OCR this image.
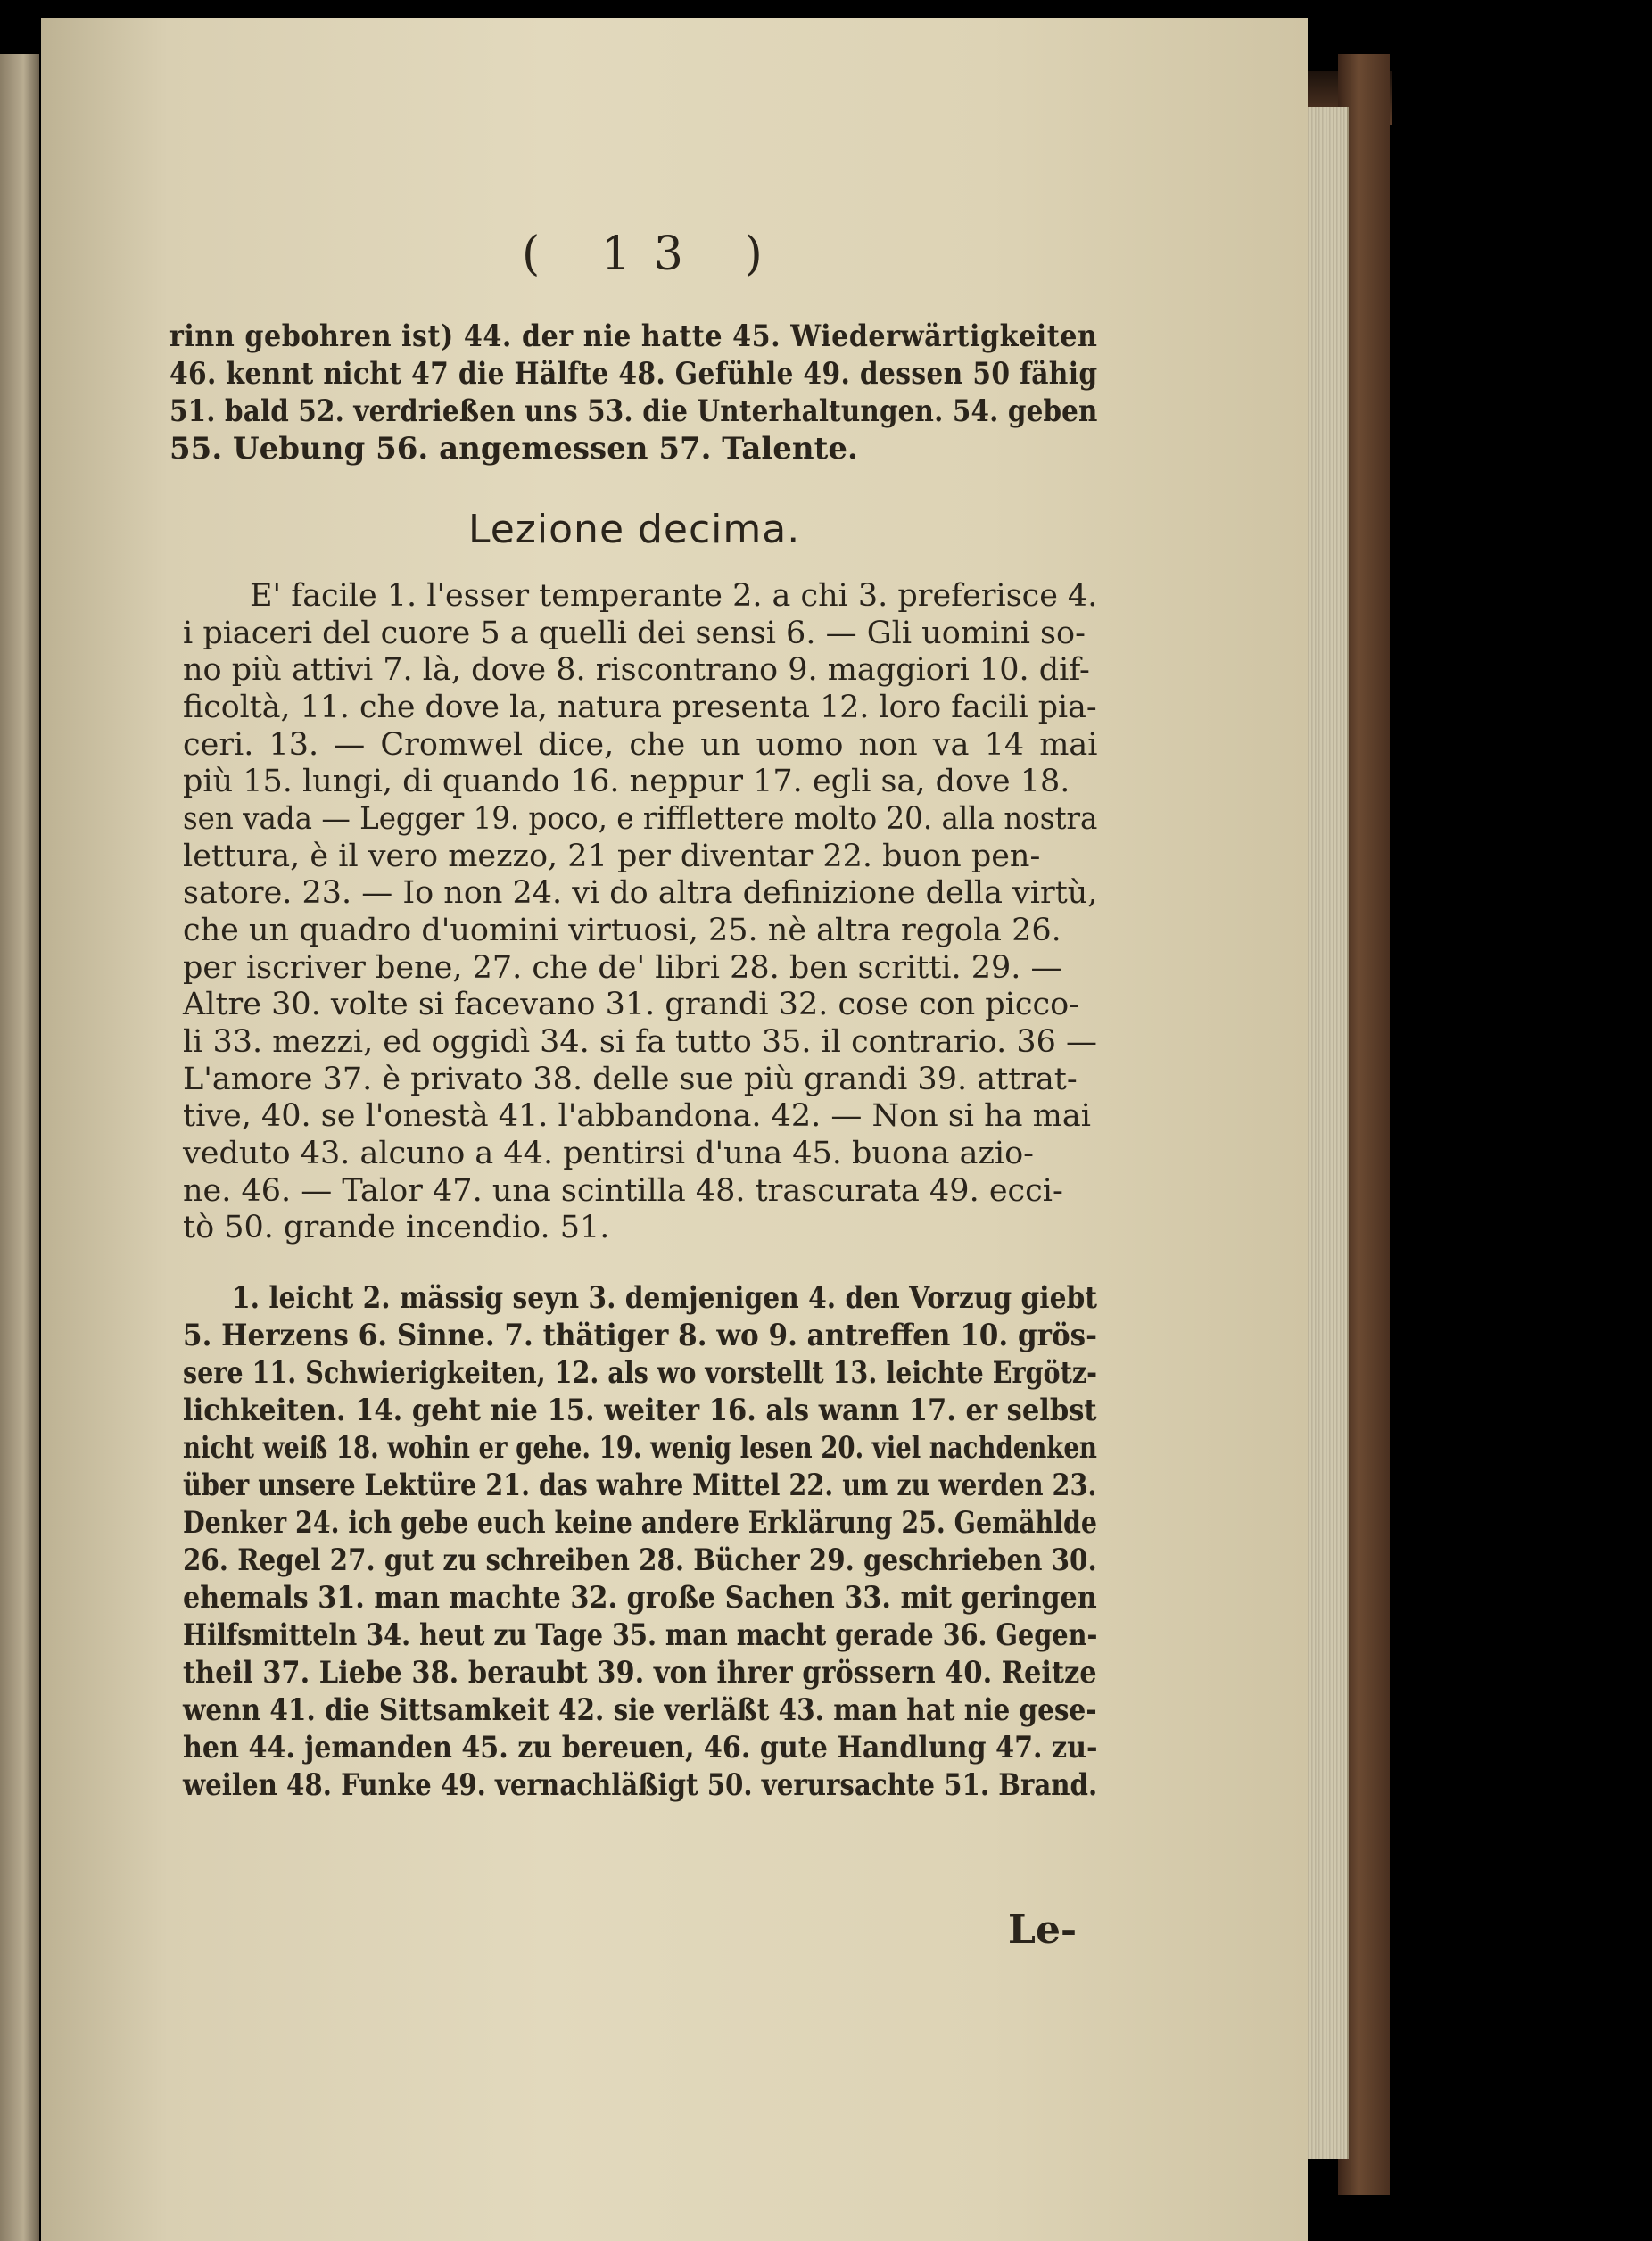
( 13 )
rinn gebohren ist) 44. der nie hatte 45. Wiederwärtigkeiten
46. kennt nicht 47 die Hälfte 48. Gefühle 49. dessen 50 fähig
51. bald 52. verdrießen uns 53. die Unterhaltungen. 54. geben
55. Uebung 56. angemessen 57. Talente.
Lezione decima.
E' facile 1. l'esser temperante 2. a chi 3. preferisce 4.
i piaceri del cuore 5 a quelli dei sensi 6. — Gli uomini so-
no più attivi 7. là, dove 8. riscontrano 9. maggiori 10. dif-
ficoltà, 11. che dove la, natura presenta 12. loro facili pia-
ceri. 13. — Cromwel dice, che un uomo non va 14 mai
più 15. lungi, di quando 16. neppur 17. egli sa, dove 18.
sen vada — Legger 19. poco, e rifflettere molto 20. alla nostra
lettura, è il vero mezzo, 21 per diventar 22. buon pen-
satore. 23. — Io non 24. vi do altra definizione della virtù,
che un quadro d'uomini virtuosi, 25. nè altra regola 26.
per iscriver bene, 27. che de' libri 28. ben scritti. 29. —
Altre 30. volte si facevano 31. grandi 32. cose con picco-
li 33. mezzi, ed oggidì 34. si fa tutto 35. il contrario. 36 —
L'amore 37. è privato 38. delle sue più grandi 39. attrat-
tive, 40. se l'onestà 41. l'abbandona. 42. — Non si ha mai
veduto 43. alcuno a 44. pentirsi d'una 45. buona azio-
ne. 46. — Talor 47. una scintilla 48. trascurata 49. ecci-
tò 50. grande incendio. 51.
1. leicht 2. mässig seyn 3. demjenigen 4. den Vorzug giebt
5. Herzens 6. Sinne. 7. thätiger 8. wo 9. antreffen 10. grös-
sere 11. Schwierigkeiten, 12. als wo vorstellt 13. leichte Ergötz-
lichkeiten. 14. geht nie 15. weiter 16. als wann 17. er selbst
nicht weiß 18. wohin er gehe. 19. wenig lesen 20. viel nachdenken
über unsere Lektüre 21. das wahre Mittel 22. um zu werden 23.
Denker 24. ich gebe euch keine andere Erklärung 25. Gemählde
26. Regel 27. gut zu schreiben 28. Bücher 29. geschrieben 30.
ehemals 31. man machte 32. große Sachen 33. mit geringen
Hilfsmitteln 34. heut zu Tage 35. man macht gerade 36. Gegen-
theil 37. Liebe 38. beraubt 39. von ihrer grössern 40. Reitze
wenn 41. die Sittsamkeit 42. sie verläßt 43. man hat nie gese-
hen 44. jemanden 45. zu bereuen, 46. gute Handlung 47. zu-
weilen 48. Funke 49. vernachläßigt 50. verursachte 51. Brand.
Le-
